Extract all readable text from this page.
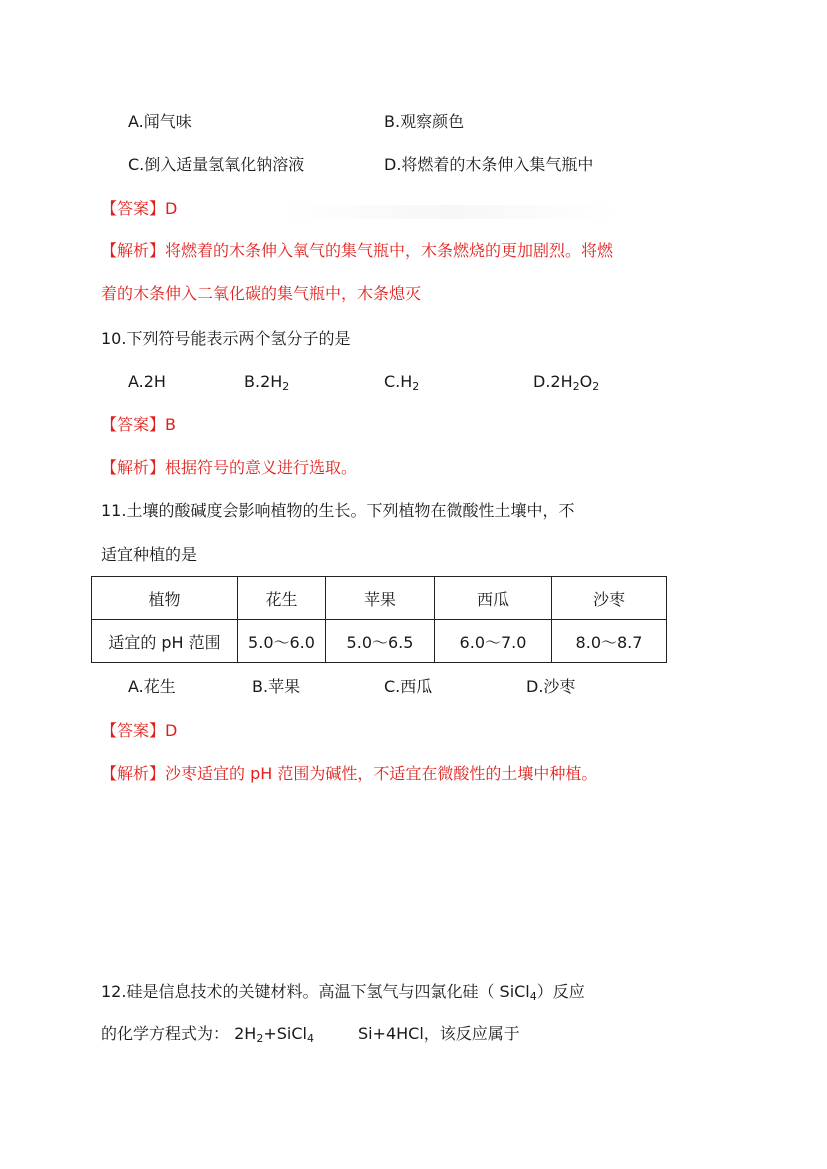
A.闻气味	B.观察颜色
C.倒入适量氢氧化钠溶液	D.将燃着的木条伸入集气瓶中
【答案】D
【解析】将燃着的木条伸入氧气的集气瓶中，木条燃烧的更加剧烈。将燃
着的木条伸入二氧化碳的集气瓶中，木条熄灭
10.下列符号能表示两个氢分子的是
A.2H	$B.2H_2$	$C.H_2$	$D.2H_2O_2$
【答案】B
【解析】根据符号的意义进行选取。
11.土壤的酸碱度会影响植物的生长。下列植物在微酸性土壤中，不
适宜种植的是
植物	花生	苹果	西瓜	沙枣
适宜的 pH 范围	5.0～6.0	5.0～6.5	6.0～7.0	8.0～8.7
A.花生	B.苹果	C.西瓜	D.沙枣
【答案】D
【解析】沙枣适宜的 pH 范围为碱性，不适宜在微酸性的土壤中种植。
12.硅是信息技术的关键材料。高温下氢气与四氯化硅（ SiCl$_4$）反应
的化学方程式为： $2H_2+SiCl_4$	Si+4HCl，该反应属于
